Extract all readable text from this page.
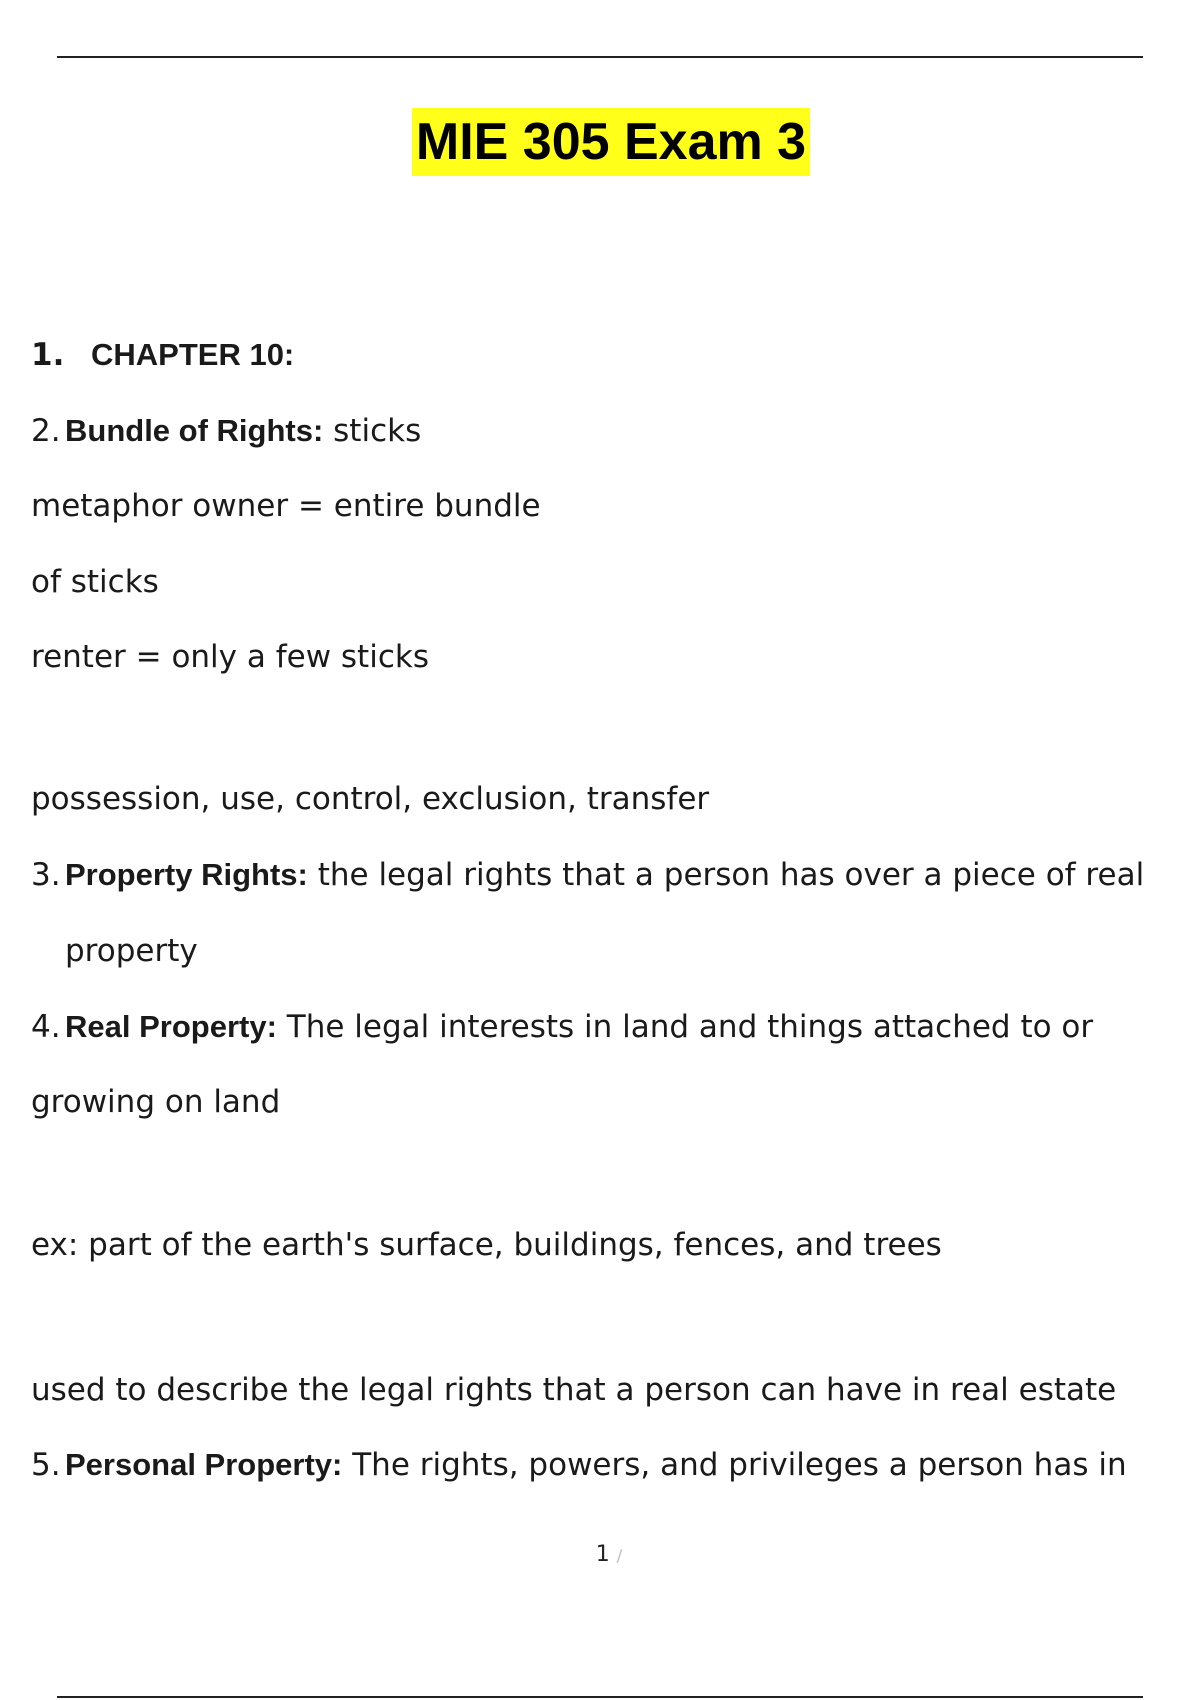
MIE 305 Exam 3
1. CHAPTER 10:
2. Bundle of Rights: sticks
metaphor owner = entire bundle
of sticks
renter = only a few sticks
possession, use, control, exclusion, transfer
3. Property Rights: the legal rights that a person has over a piece of real
property
4. Real Property: The legal interests in land and things attached to or
growing on land
ex: part of the earth's surface, buildings, fences, and trees
used to describe the legal rights that a person can have in real estate
5. Personal Property: The rights, powers, and privileges a person has in
1 /
